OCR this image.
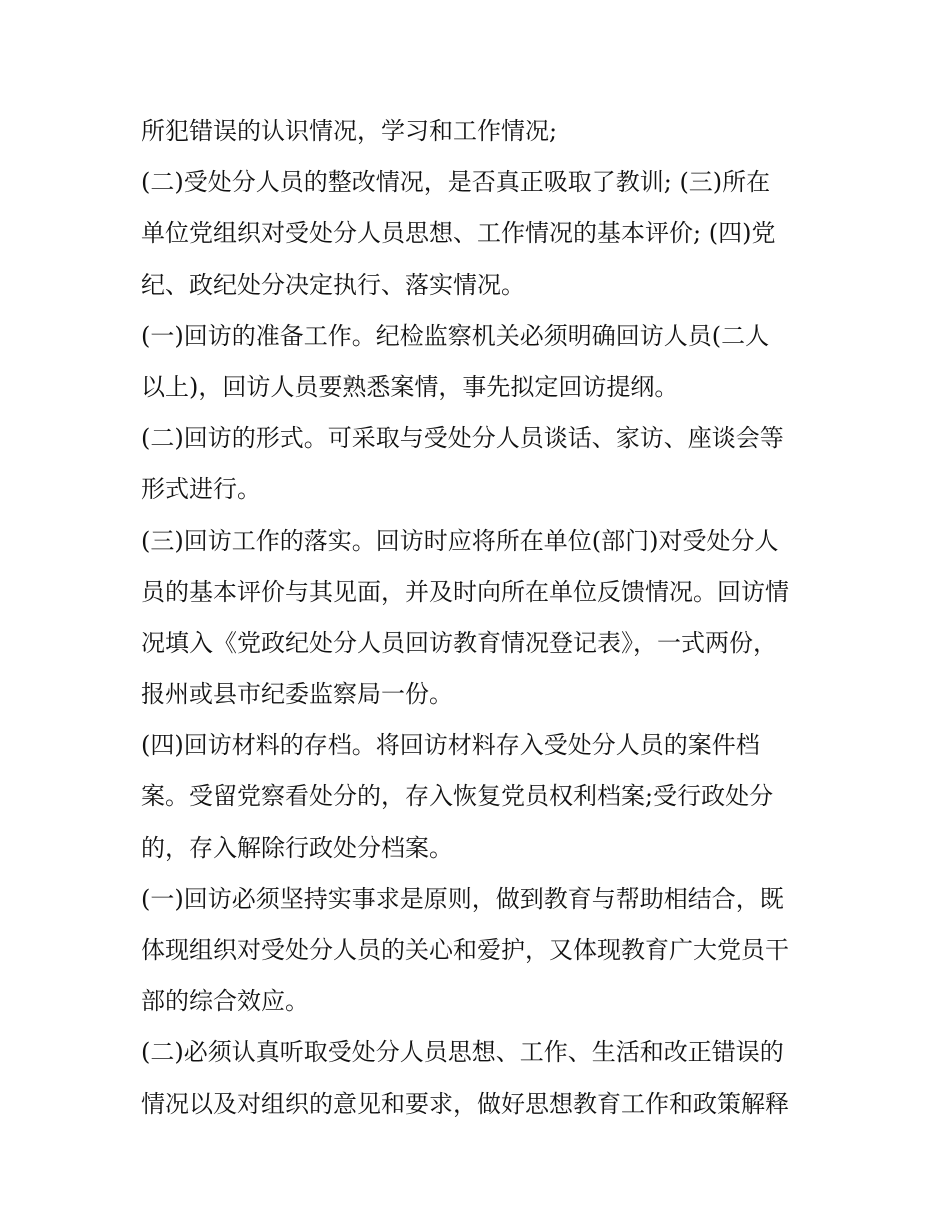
所犯错误的认识情况，学习和工作情况;
(二)受处分人员的整改情况，是否真正吸取了教训; (三)所在
单位党组织对受处分人员思想、工作情况的基本评价; (四)党
纪、政纪处分决定执行、落实情况。
(一)回访的准备工作。纪检监察机关必须明确回访人员(二人
以上)，回访人员要熟悉案情，事先拟定回访提纲。
(二)回访的形式。可采取与受处分人员谈话、家访、座谈会等
形式进行。
(三)回访工作的落实。回访时应将所在单位(部门)对受处分人
员的基本评价与其见面，并及时向所在单位反馈情况。回访情
况填入《党政纪处分人员回访教育情况登记表》，一式两份，
报州或县市纪委监察局一份。
(四)回访材料的存档。将回访材料存入受处分人员的案件档
案。受留党察看处分的，存入恢复党员权利档案;受行政处分
的，存入解除行政处分档案。
(一)回访必须坚持实事求是原则，做到教育与帮助相结合，既
体现组织对受处分人员的关心和爱护，又体现教育广大党员干
部的综合效应。
(二)必须认真听取受处分人员思想、工作、生活和改正错误的
情况以及对组织的意见和要求，做好思想教育工作和政策解释
